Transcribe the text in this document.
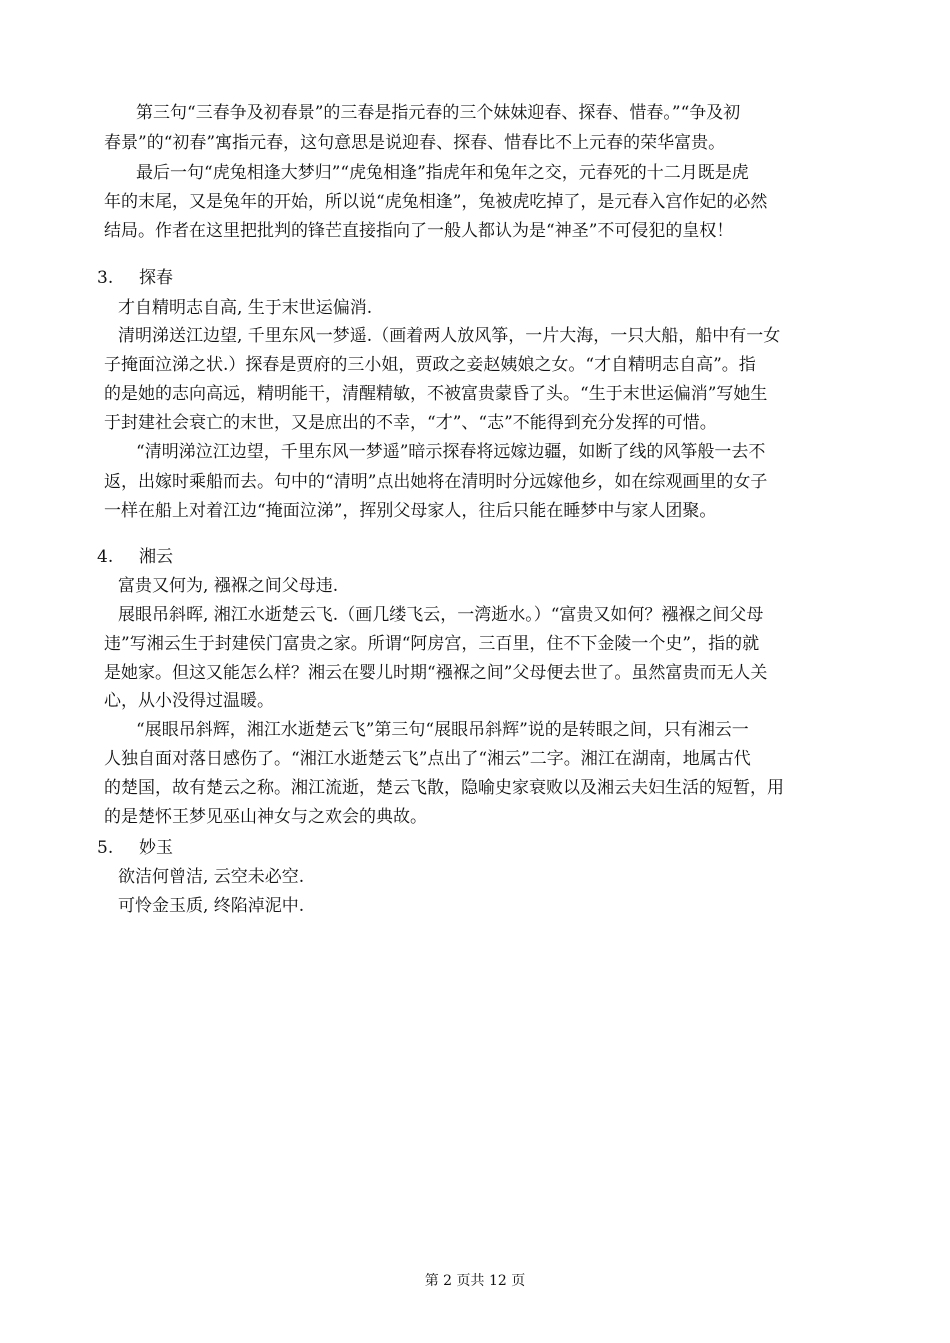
第三句“三春争及初春景”的三春是指元春的三个妹妹迎春、探春、惜春。”“争及初
春景”的“初春”寓指元春，这句意思是说迎春、探春、惜春比不上元春的荣华富贵。
最后一句“虎兔相逢大梦归”“虎兔相逢”指虎年和兔年之交，元春死的十二月既是虎
年的末尾，又是兔年的开始，所以说“虎兔相逢”，兔被虎吃掉了，是元春入宫作妃的必然
结局。作者在这里把批判的锋芒直接指向了一般人都认为是“神圣”不可侵犯的皇权！
3. 探春
才自精明志自高, 生于末世运偏消.
清明涕送江边望, 千里东风一梦遥.（画着两人放风筝，一片大海，一只大船，船中有一女
子掩面泣涕之状.）探春是贾府的三小姐，贾政之妾赵姨娘之女。“才自精明志自高”。指
的是她的志向高远，精明能干，清醒精敏，不被富贵蒙昏了头。“生于末世运偏消”写她生
于封建社会衰亡的末世，又是庶出的不幸，“才”、“志”不能得到充分发挥的可惜。
“清明涕泣江边望，千里东风一梦遥”暗示探春将远嫁边疆，如断了线的风筝般一去不
返，出嫁时乘船而去。句中的“清明”点出她将在清明时分远嫁他乡，如在综观画里的女子
一样在船上对着江边“掩面泣涕”，挥别父母家人，往后只能在睡梦中与家人团聚。
4. 湘云
富贵又何为, 襁褓之间父母违.
展眼吊斜晖, 湘江水逝楚云飞.（画几缕飞云，一湾逝水。）“富贵又如何？襁褓之间父母
违”写湘云生于封建侯门富贵之家。所谓“阿房宫，三百里，住不下金陵一个史”，指的就
是她家。但这又能怎么样？湘云在婴儿时期“襁褓之间”父母便去世了。虽然富贵而无人关
心，从小没得过温暖。
“展眼吊斜辉，湘江水逝楚云飞”第三句“展眼吊斜辉”说的是转眼之间，只有湘云一
人独自面对落日感伤了。“湘江水逝楚云飞”点出了“湘云”二字。湘江在湖南，地属古代
的楚国，故有楚云之称。湘江流逝，楚云飞散，隐喻史家衰败以及湘云夫妇生活的短暂，用
的是楚怀王梦见巫山神女与之欢会的典故。
5. 妙玉
欲洁何曾洁, 云空未必空.
可怜金玉质, 终陷淖泥中.
第 2 页共 12 页
